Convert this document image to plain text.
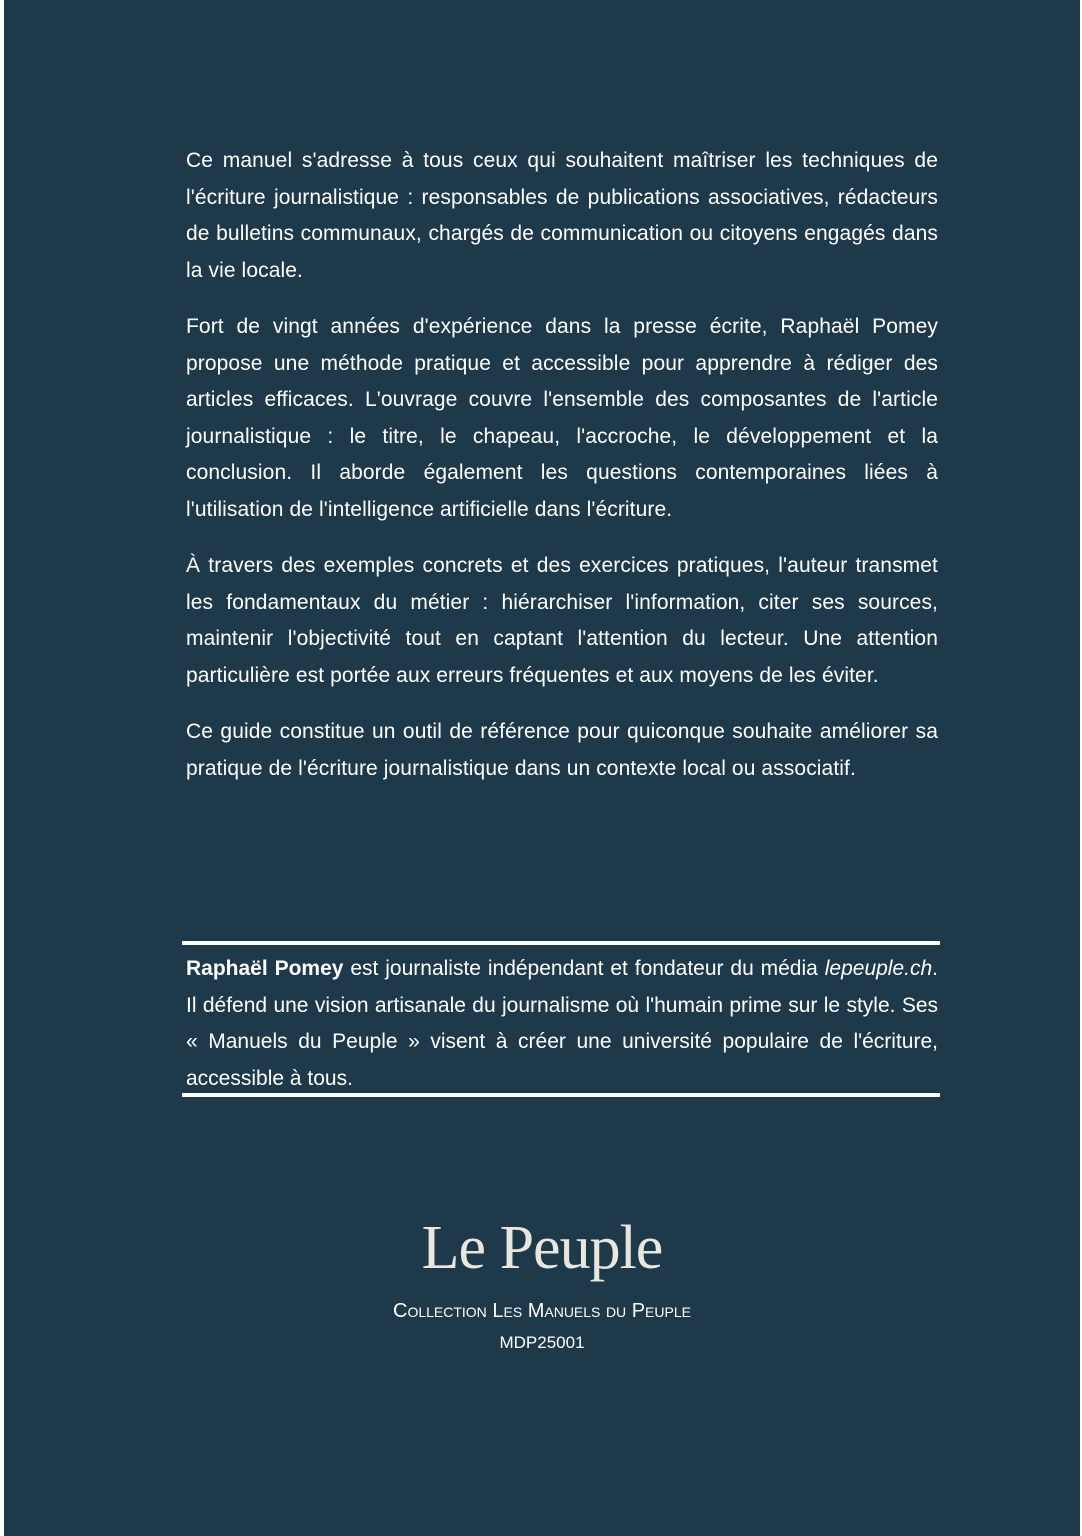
Ce manuel s'adresse à tous ceux qui souhaitent maîtriser les techniques de l'écriture journalistique : responsables de publications associatives, rédacteurs de bulletins communaux, chargés de communication ou citoyens engagés dans la vie locale.

Fort de vingt années d'expérience dans la presse écrite, Raphaël Pomey propose une méthode pratique et accessible pour apprendre à rédiger des articles efficaces. L'ouvrage couvre l'ensemble des composantes de l'article journalistique : le titre, le chapeau, l'accroche, le développement et la conclusion. Il aborde également les questions contemporaines liées à l'utilisation de l'intelligence artificielle dans l'écriture.

À travers des exemples concrets et des exercices pratiques, l'auteur transmet les fondamentaux du métier : hiérarchiser l'information, citer ses sources, maintenir l'objectivité tout en captant l'attention du lecteur. Une attention particulière est portée aux erreurs fréquentes et aux moyens de les éviter.

Ce guide constitue un outil de référence pour quiconque souhaite améliorer sa pratique de l'écriture journalistique dans un contexte local ou associatif.

Raphaël Pomey est journaliste indépendant et fondateur du média lepeuple.ch. Il défend une vision artisanale du journalisme où l'humain prime sur le style. Ses « Manuels du Peuple » visent à créer une université populaire de l'écriture, accessible à tous.

Le Peuple
Collection Les Manuels du Peuple
MDP25001
